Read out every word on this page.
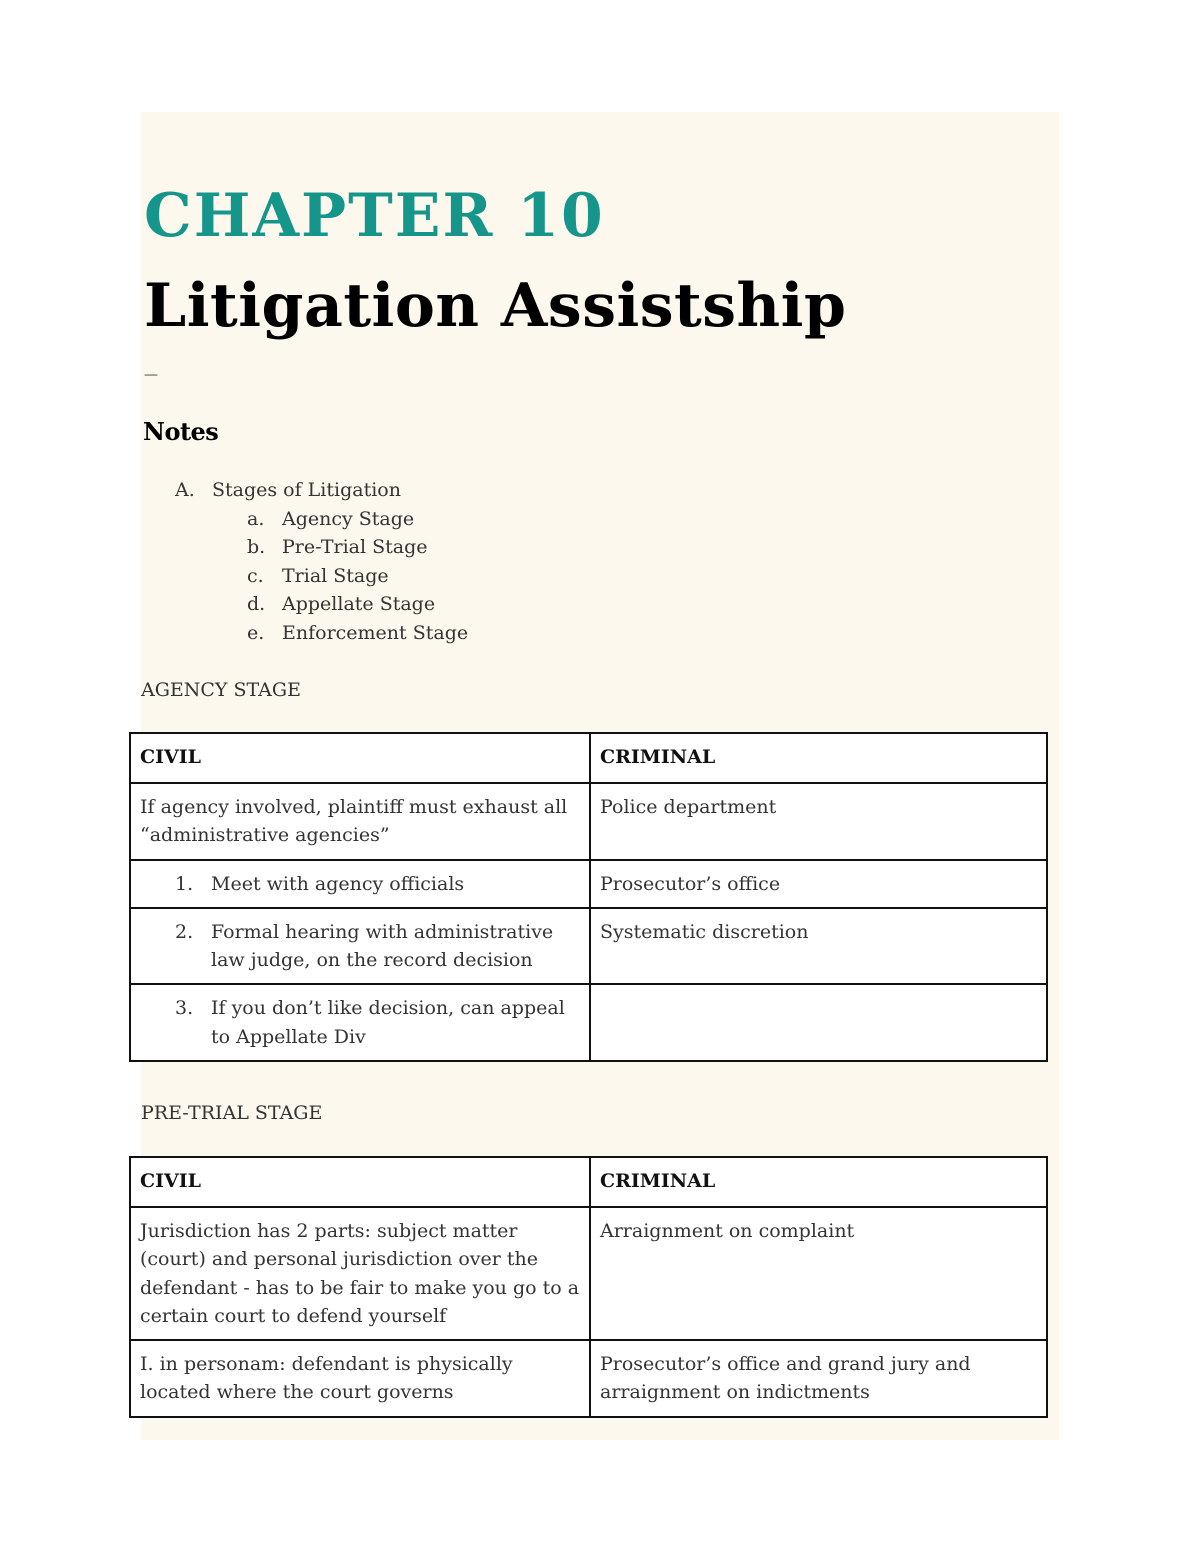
CHAPTER 10
Litigation Assistship

—

Notes
A. Stages of Litigation
a. Agency Stage
b. Pre-Trial Stage
c. Trial Stage
d. Appellate Stage
e. Enforcement Stage

AGENCY STAGE

CIVIL	CRIMINAL
If agency involved, plaintiff must exhaust all “administrative agencies”	Police department

1. Meet with agency officials	Prosecutor’s office

2. Formal hearing with administrative law judge, on the record decision	Systematic discretion

3. If you don’t like decision, can appeal to Appellate Div	

PRE-TRIAL STAGE

CIVIL	CRIMINAL
Jurisdiction has 2 parts: subject matter (court) and personal jurisdiction over the defendant - has to be fair to make you go to a certain court to defend yourself	Arraignment on complaint
I. in personam: defendant is physically located where the court governs	Prosecutor’s office and grand jury and arraignment on indictments
